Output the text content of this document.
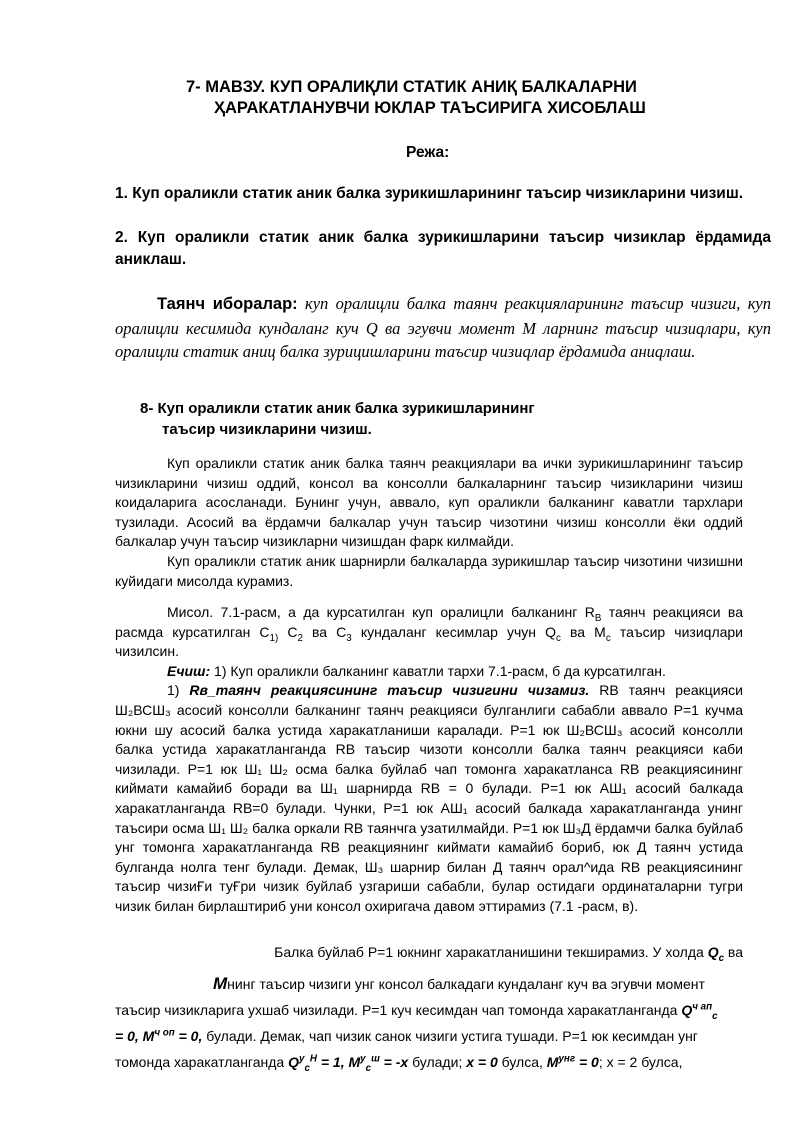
7- МАВЗУ. КУП ОРАЛИҚЛИ СТАТИК АНИҚ БАЛКАЛАРНИ
ҲАРАКАТЛАНУВЧИ ЮКЛАР ТАЪСИРИГА ХИСОБЛАШ
Режа:
1. Куп ораликли статик аник балка зурикишларининг таъсир чизикларини чизиш.
2. Куп ораликли статик аник балка зурикишларини таъсир чизиклар ёрдамида аниклаш.
Таянч иборалар: куп оралицли балка таянч реакцияларининг таъсир чизиги, куп оралицли кесимида кундаланг куч Q ва эгувчи момент M ларнинг таъсир чизиqлари, куп оралицли статик аниц балка зурицишларини таъсир чизиqлар ёрдамида аниqлаш.
8- Куп ораликли статик аник балка зурикишларининг
таъсир чизикларини чизиш.

Куп ораликли статик аник балка таянч реакциялари ва ички зурикишларининг таъсир чизикларини чизиш оддий, консол ва консолли балкаларнинг таъсир чизикларини чизиш коидаларига асосланади. Бунинг учун, аввало, куп ораликли балканинг каватли тархлари тузилади. Асосий ва ёрдамчи балкалар учун таъсир чизотини чизиш консолли ёки оддий балкалар учун таъсир чизикларни чизишдан фарк килмайди.

Куп ораликли статик аник шарнирли балкаларда зурикишлар таъсир чизотини чизишни куйидаги мисолда курамиз.

Мисол. 7.1-расм, а да курсатилган куп оралицли балканинг $R_B$ таянч реакцияси ва расмда курсатилган $C_{1)}$ $C_2$ ва $C_3$ кундаланг кесимлар учун $Q_c$ ва $M_c$ таъсир чизиqлари чизилсин.

Ечиш: 1) Куп ораликли балканинг каватли тархи 7.1-расм, б да курсатилган.

1) Rв_таянч реакциясининг таъсир чизигини чизамиз. RВ таянч реакцияси Ш₂ВСШ₃ асосий консолли балканинг таянч реакцияси булганлиги сабабли аввало P=1 кучма юкни шу асосий балка устида харакатланиши каралади. P=1 юк Ш₂ВСШ₃ асосий консолли балка устида харакатланганда RВ таъсир чизоти консолли балка таянч реакцияси каби чизилади. P=1 юк Ш₁ Ш₂ осма балка буйлаб чап томонга харакатланса RВ реакциясининг киймати камайиб боради ва Ш₁ шарнирда RВ = 0 булади. P=1 юк АШ₁ асосий балкада харакатланганда RВ=0 булади. Чунки, P=1 юк АШ₁ асосий балкада харакатланганда унинг таъсири осма Ш₁ Ш₂ балка оркали RВ таянчга узатилмайди. P=1 юк Ш₃Д ёрдамчи балка буйлаб унг томонга харакатланганда RВ реакциянинг киймати камайиб бориб, юк Д таянч устида булганда нолга тенг булади. Демак, Ш₃ шарнир билан Д таянч орал^ида RВ реакциясининг таъсир чизиҒи туҒри чизик буйлаб узгариши сабабли, булар остидаги ординаталарни тугри чизик билан бирлаштириб уни консол охиригача давом эттирамиз (7.1 -расм, в).

Балка буйлаб P=1 юкнинг харакатланишини текширамиз. У холда $Q_c$ ва

Mнинг таъсир чизиги унг консол балкадаги кундаланг куч ва эгувчи момент

таъсир чизикларига ухшаб чизилади. P=1 куч кесимдан чап томонда харакатланганда $Q^{ч ап}_c$

= 0, $M^{ч оп} = 0$, булади. Демак, чап чизик санок чизиги устига тушади. P=1 юк кесимдан унг

томонда харакатланганда $Q^у_c^Н = 1$, $M^у_c^ш = -x$ булади; x = 0 булса, $M^{унг} = 0$; x = 2 булса,
